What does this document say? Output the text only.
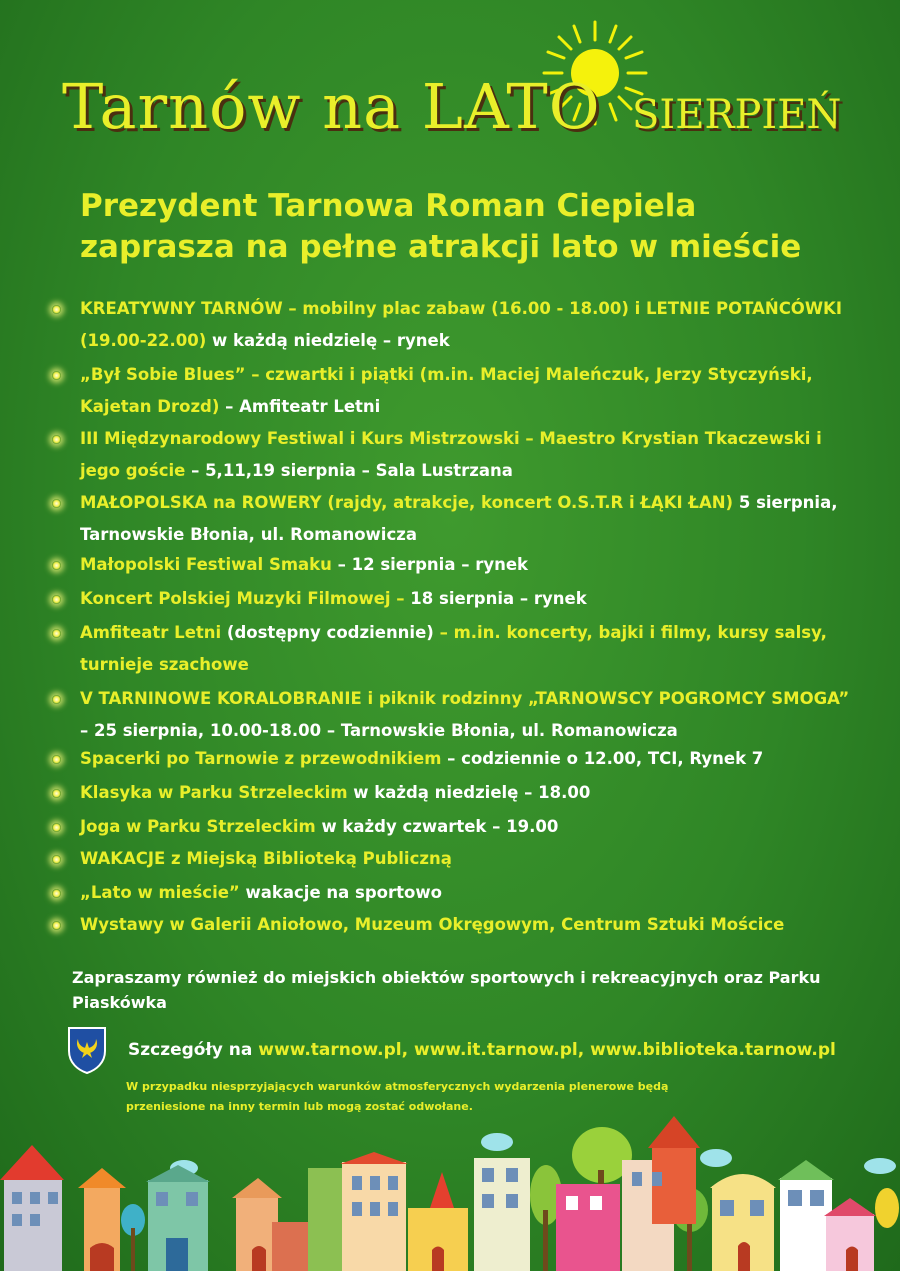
Tarnów na LATO SIERPIEŃ
Prezydent Tarnowa Roman Ciepiela
zaprasza na pełne atrakcji lato w mieście
KREATYWNY TARNÓW – mobilny plac zabaw (16.00 - 18.00) i LETNIE POTAŃCÓWKI (19.00-22.00) w każdą niedzielę – rynek
„Był Sobie Blues” – czwartki i piątki (m.in. Maciej Maleńczuk, Jerzy Styczyński, Kajetan Drozd) – Amfiteatr Letni
III Międzynarodowy Festiwal i Kurs Mistrzowski – Maestro Krystian Tkaczewski i jego goście – 5,11,19 sierpnia – Sala Lustrzana
MAŁOPOLSKA na ROWERY (rajdy, atrakcje, koncert O.S.T.R i ŁĄKI ŁAN) 5 sierpnia, Tarnowskie Błonia, ul. Romanowicza
Małopolski Festiwal Smaku – 12 sierpnia – rynek
Koncert Polskiej Muzyki Filmowej – 18 sierpnia – rynek
Amfiteatr Letni (dostępny codziennie) – m.in. koncerty, bajki i filmy, kursy salsy, turnieje szachowe
V TARNINOWE KORALOBRANIE i piknik rodzinny „TARNOWSCY POGROMCY SMOGA” – 25 sierpnia, 10.00-18.00 – Tarnowskie Błonia, ul. Romanowicza
Spacerki po Tarnowie z przewodnikiem – codziennie o 12.00, TCI, Rynek 7
Klasyka w Parku Strzeleckim w każdą niedzielę – 18.00
Joga w Parku Strzeleckim w każdy czwartek – 19.00
WAKACJE z Miejską Biblioteką Publiczną
„Lato w mieście” wakacje na sportowo
Wystawy w Galerii Aniołowo, Muzeum Okręgowym, Centrum Sztuki Mościce
Zapraszamy również do miejskich obiektów sportowych i rekreacyjnych oraz Parku Piaskówka
Szczegóły na www.tarnow.pl, www.it.tarnow.pl, www.biblioteka.tarnow.pl
W przypadku niesprzyjających warunków atmosferycznych wydarzenia plenerowe będą przeniesione na inny termin lub mogą zostać odwołane.
